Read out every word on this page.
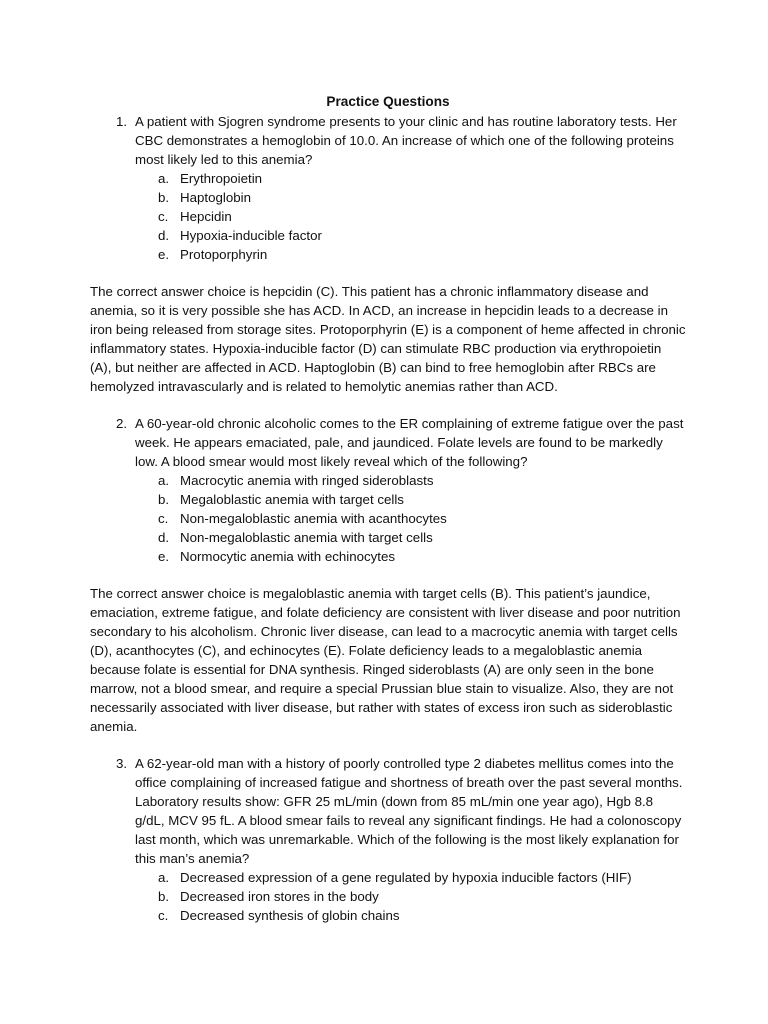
Practice Questions
1. A patient with Sjogren syndrome presents to your clinic and has routine laboratory tests. Her CBC demonstrates a hemoglobin of 10.0. An increase of which one of the following proteins most likely led to this anemia?
a. Erythropoietin
b. Haptoglobin
c. Hepcidin
d. Hypoxia-inducible factor
e. Protoporphyrin

The correct answer choice is hepcidin (C). This patient has a chronic inflammatory disease and anemia, so it is very possible she has ACD. In ACD, an increase in hepcidin leads to a decrease in iron being released from storage sites. Protoporphyrin (E) is a component of heme affected in chronic inflammatory states. Hypoxia-inducible factor (D) can stimulate RBC production via erythropoietin (A), but neither are affected in ACD. Haptoglobin (B) can bind to free hemoglobin after RBCs are hemolyzed intravascularly and is related to hemolytic anemias rather than ACD.

2. A 60-year-old chronic alcoholic comes to the ER complaining of extreme fatigue over the past week. He appears emaciated, pale, and jaundiced. Folate levels are found to be markedly low. A blood smear would most likely reveal which of the following?
a. Macrocytic anemia with ringed sideroblasts
b. Megaloblastic anemia with target cells
c. Non-megaloblastic anemia with acanthocytes
d. Non-megaloblastic anemia with target cells
e. Normocytic anemia with echinocytes

The correct answer choice is megaloblastic anemia with target cells (B). This patient’s jaundice, emaciation, extreme fatigue, and folate deficiency are consistent with liver disease and poor nutrition secondary to his alcoholism. Chronic liver disease, can lead to a macrocytic anemia with target cells (D), acanthocytes (C), and echinocytes (E). Folate deficiency leads to a megaloblastic anemia because folate is essential for DNA synthesis. Ringed sideroblasts (A) are only seen in the bone marrow, not a blood smear, and require a special Prussian blue stain to visualize. Also, they are not necessarily associated with liver disease, but rather with states of excess iron such as sideroblastic anemia.

3. A 62-year-old man with a history of poorly controlled type 2 diabetes mellitus comes into the office complaining of increased fatigue and shortness of breath over the past several months. Laboratory results show: GFR 25 mL/min (down from 85 mL/min one year ago), Hgb 8.8 g/dL, MCV 95 fL. A blood smear fails to reveal any significant findings. He had a colonoscopy last month, which was unremarkable. Which of the following is the most likely explanation for this man’s anemia?
a. Decreased expression of a gene regulated by hypoxia inducible factors (HIF)
b. Decreased iron stores in the body
c. Decreased synthesis of globin chains
